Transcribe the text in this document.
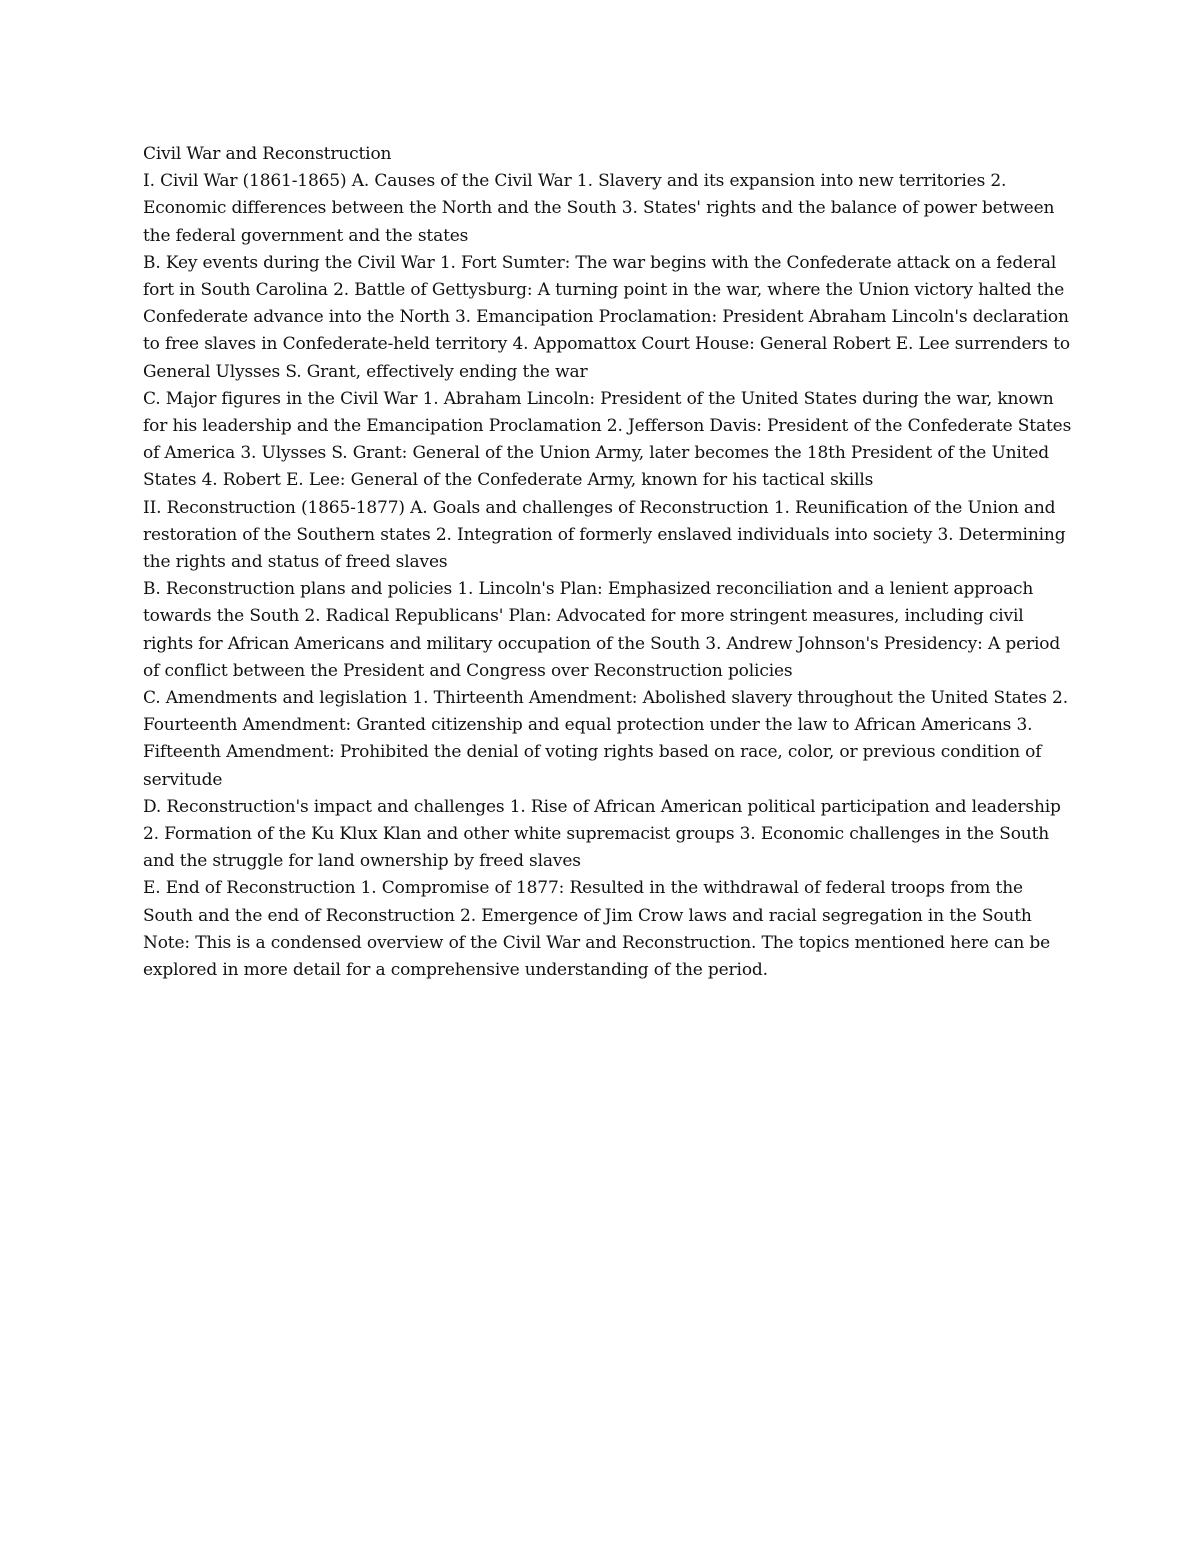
Civil War and Reconstruction

I. Civil War (1861-1865) A. Causes of the Civil War 1. Slavery and its expansion into new territories 2. Economic differences between the North and the South 3. States' rights and the balance of power between the federal government and the states

B. Key events during the Civil War 1. Fort Sumter: The war begins with the Confederate attack on a federal fort in South Carolina 2. Battle of Gettysburg: A turning point in the war, where the Union victory halted the Confederate advance into the North 3. Emancipation Proclamation: President Abraham Lincoln's declaration to free slaves in Confederate-held territory 4. Appomattox Court House: General Robert E. Lee surrenders to General Ulysses S. Grant, effectively ending the war

C. Major figures in the Civil War 1. Abraham Lincoln: President of the United States during the war, known for his leadership and the Emancipation Proclamation 2. Jefferson Davis: President of the Confederate States of America 3. Ulysses S. Grant: General of the Union Army, later becomes the 18th President of the United States 4. Robert E. Lee: General of the Confederate Army, known for his tactical skills

II. Reconstruction (1865-1877) A. Goals and challenges of Reconstruction 1. Reunification of the Union and restoration of the Southern states 2. Integration of formerly enslaved individuals into society 3. Determining the rights and status of freed slaves

B. Reconstruction plans and policies 1. Lincoln's Plan: Emphasized reconciliation and a lenient approach towards the South 2. Radical Republicans' Plan: Advocated for more stringent measures, including civil rights for African Americans and military occupation of the South 3. Andrew Johnson's Presidency: A period of conflict between the President and Congress over Reconstruction policies

C. Amendments and legislation 1. Thirteenth Amendment: Abolished slavery throughout the United States 2. Fourteenth Amendment: Granted citizenship and equal protection under the law to African Americans 3. Fifteenth Amendment: Prohibited the denial of voting rights based on race, color, or previous condition of servitude

D. Reconstruction's impact and challenges 1. Rise of African American political participation and leadership 2. Formation of the Ku Klux Klan and other white supremacist groups 3. Economic challenges in the South and the struggle for land ownership by freed slaves

E. End of Reconstruction 1. Compromise of 1877: Resulted in the withdrawal of federal troops from the South and the end of Reconstruction 2. Emergence of Jim Crow laws and racial segregation in the South

Note: This is a condensed overview of the Civil War and Reconstruction. The topics mentioned here can be explored in more detail for a comprehensive understanding of the period.
